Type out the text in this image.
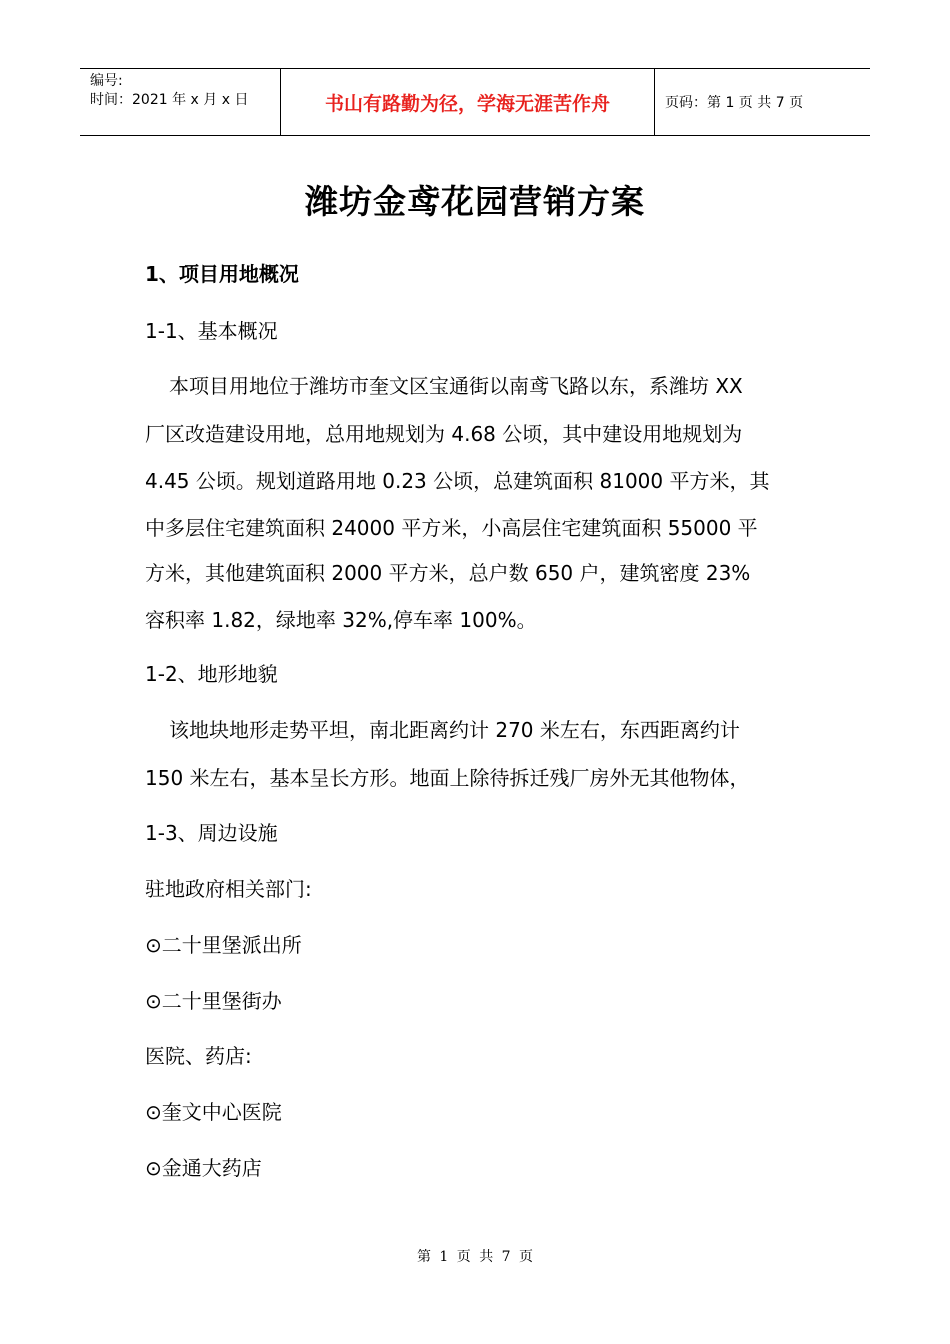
编号:
时间：2021 年 x 月 x 日	书山有路勤为径，学海无涯苦作舟	页码：第 1 页 共 7 页
潍坊金鸢花园营销方案
1、项目用地概况
1-1、基本概况
本项目用地位于潍坊市奎文区宝通街以南鸢飞路以东，系潍坊 XX
厂区改造建设用地，总用地规划为 4.68 公顷，其中建设用地规划为
4.45 公顷。规划道路用地 0.23 公顷，总建筑面积 81000 平方米，其
中多层住宅建筑面积 24000 平方米，小高层住宅建筑面积 55000 平
方米，其他建筑面积 2000 平方米，总户数 650 户，建筑密度 23%
容积率 1.82，绿地率 32%,停车率 100%。
1-2、地形地貌
该地块地形走势平坦，南北距离约计 270 米左右，东西距离约计
150 米左右，基本呈长方形。地面上除待拆迁残厂房外无其他物体，
1-3、周边设施
驻地政府相关部门:
⊙二十里堡派出所
⊙二十里堡街办
医院、药店:
⊙奎文中心医院
⊙金通大药店
第 1 页 共 7 页
